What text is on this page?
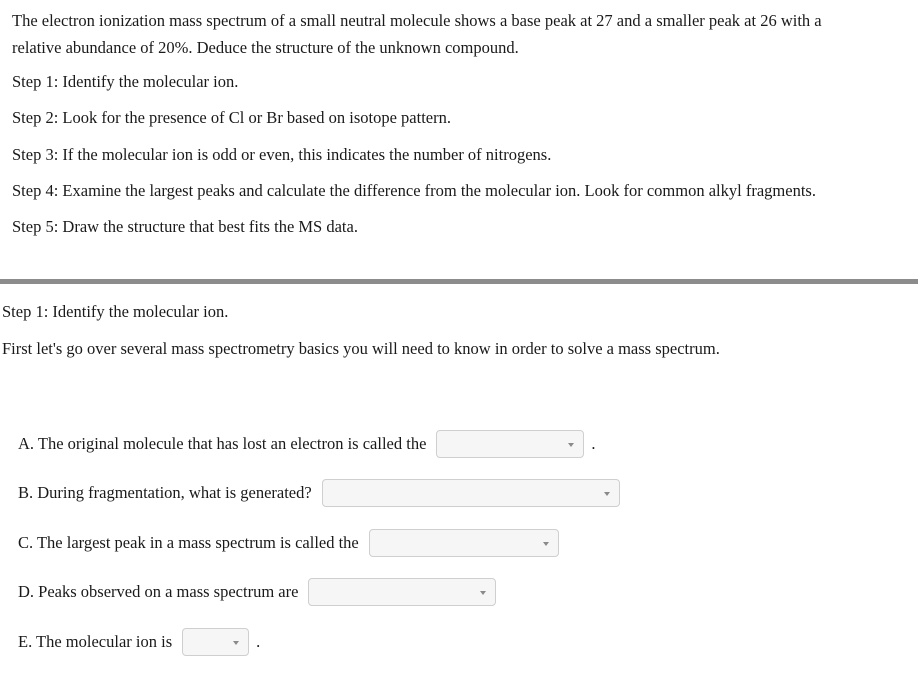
The electron ionization mass spectrum of a small neutral molecule shows a base peak at 27 and a smaller peak at 26 with a

relative abundance of 20%. Deduce the structure of the unknown compound.

Step 1: Identify the molecular ion.
Step 2: Look for the presence of Cl or Br based on isotope pattern.
Step 3: If the molecular ion is odd or even, this indicates the number of nitrogens.
Step 4: Examine the largest peaks and calculate the difference from the molecular ion. Look for common alkyl fragments.
Step 5: Draw the structure that best fits the MS data.
Step 1: Identify the molecular ion.
First let's go over several mass spectrometry basics you will need to know in order to solve a mass spectrum.
A. The original molecule that has lost an electron is called the	.
B. During fragmentation, what is generated?
C. The largest peak in a mass spectrum is called the
D. Peaks observed on a mass spectrum are
E. The molecular ion is	.
